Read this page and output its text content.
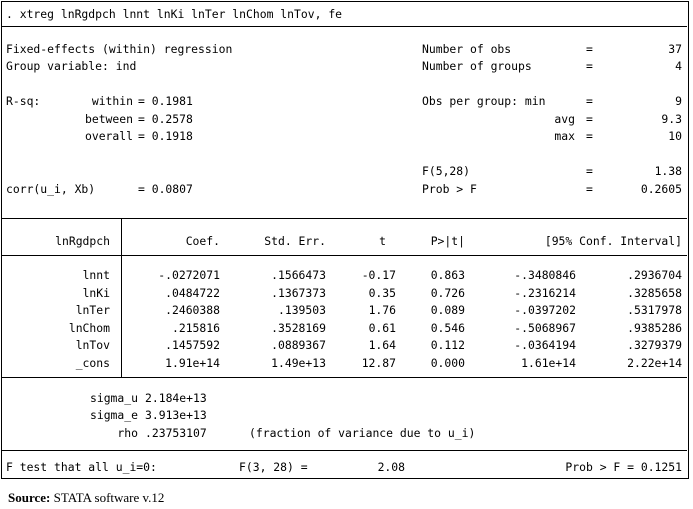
. xtreg lnRgdpch lnnt lnKi lnTer lnChom lnTov, fe
Fixed-effects (within) regression
Group variable: ind
Number of obs	=	37
Number of groups	=	4
R-sq:	within = 0.1981
between = 0.2578
overall = 0.1918
Obs per group: min	=	9
avg =	9.3
max =	10
F(5,28)	=	1.38
corr(u_i, Xb)	= 0.0807	Prob > F	=	0.2605
lnRgdpch	Coef.	Std. Err.	t	P>|t|	[95% Conf. Interval]
lnnt	-.0272071	.1566473	-0.17	0.863	-.3480846	.2936704
lnKi	.0484722	.1367373	0.35	0.726	-.2316214	.3285658
lnTer	.2460388	.139503	1.76	0.089	-.0397202	.5317978
lnChom	.215816	.3528169	0.61	0.546	-.5068967	.9385286
lnTov	.1457592	.0889367	1.64	0.112	-.0364194	.3279379
_cons	1.91e+14	1.49e+13	12.87	0.000	1.61e+14	2.22e+14
sigma_u 2.184e+13
sigma_e 3.913e+13
rho .23753107	(fraction of variance due to u_i)
F test that all u_i=0:	F(3, 28) =	2.08	Prob > F = 0.1251
Source: STATA software v.12
